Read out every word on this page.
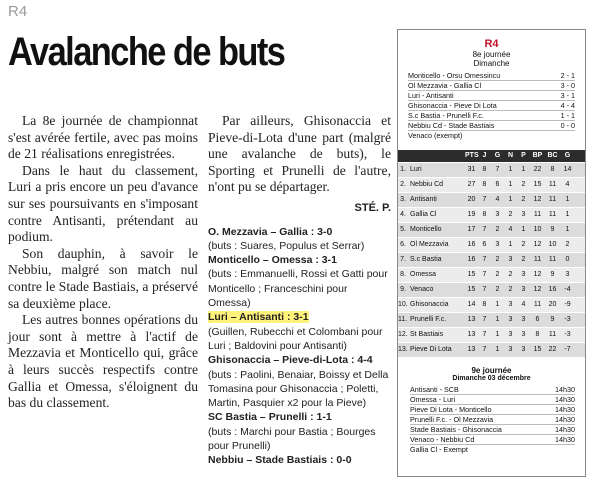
R4
Avalanche de buts

La 8e journée de championnat s'est avérée fertile, avec pas moins de 21 réalisations enregistrées.

Dans le haut du classement, Luri a pris encore un peu d'avance sur ses poursuivants en s'imposant contre Antisanti, prétendant au podium.

Son dauphin, à savoir le Nebbiu, malgré son match nul contre le Stade Bastiais, a préservé sa deuxième place.

Les autres bonnes opérations du jour sont à mettre à l'actif de Mezzavia et Monticello qui, grâce à leurs succès respectifs contre Gallia et Omessa, s'éloignent du bas du classement.

Par ailleurs, Ghisonaccia et Pieve-di-Lota d'une part (malgré une avalanche de buts), le Sporting et Prunelli de l'autre, n'ont pu se départager.

STÉ. P.
O. Mezzavia – Gallia : 3-0
(buts : Suares, Populus et Serrar)
Monticello – Omessa : 3-1
(buts : Emmanuelli, Rossi et Gatti pour Monticello ; Franceschini pour Omessa)
Luri – Antisanti : 3-1
(Guillen, Rubecchi et Colombani pour Luri ; Baldovini pour Antisanti)
Ghisonaccia – Pieve-di-Lota : 4-4
(buts : Paolini, Benaiar, Boissy et Della Tomasina pour Ghisonaccia ; Poletti, Martin, Pasquier x2 pour la Pieve)
SC Bastia – Prunelli : 1-1
(buts : Marchi pour Bastia ; Bourges pour Prunelli)
Nebbiu – Stade Bastiais : 0-0
R4
8e journée
Dimanche
Monticello - Orsu Omessincu	2 - 1
Ol Mezzavia - Gallia Cl	3 - 0
Luri - Antisanti	3 - 1
Ghisonaccia - Pieve Di Lota	4 - 4
S.c Bastia - Prunelli F.c.	1 - 1
Nebbiu Cd - Stade Bastiais	0 - 0
Venaco (exempt)
PTS J	G	N	P BP BC	G
1. Luri	31	8	7	1	1	22	8	14
2. Nebbiu Cd	27	8	6	1	2	15	11	4
3. Antisanti	20	7	4	1	2	12	11	1
4. Gallia Cl	19	8	3	2	3	11	11	1
5. Monticello	17	7	2	4	1	10	9	1
6. Ol Mezzavia	16	6	3	1	2	12	10	2
7. S.c Bastia	16	7	2	3	2	11	11	0
8. Omessa	15	7	2	2	3	12	9	3
9. Venaco	15	7	2	2	3	12	16	-4
10. Ghisonaccia	14	8	1	3	4	11	20	-9
11. Prunelli F.c.	13	7	1	3	3	6	9	-3
12. St Bastiais	13	7	1	3	3	8	11	-3
13. Pieve Di Lota	13	7	1	3	3	15	22	-7
9e journée
Dimanche 03 décembre
Antisanti - SCB	14h30
Omessa - Luri	14h30
Pieve Di Lota - Monticello	14h30
Prunelli F.c. - Ol Mezzavia	14h30
Stade Bastiais - Ghisonaccia	14h30
Venaco - Nebbiu Cd	14h30
Gallia Cl - Exempt
